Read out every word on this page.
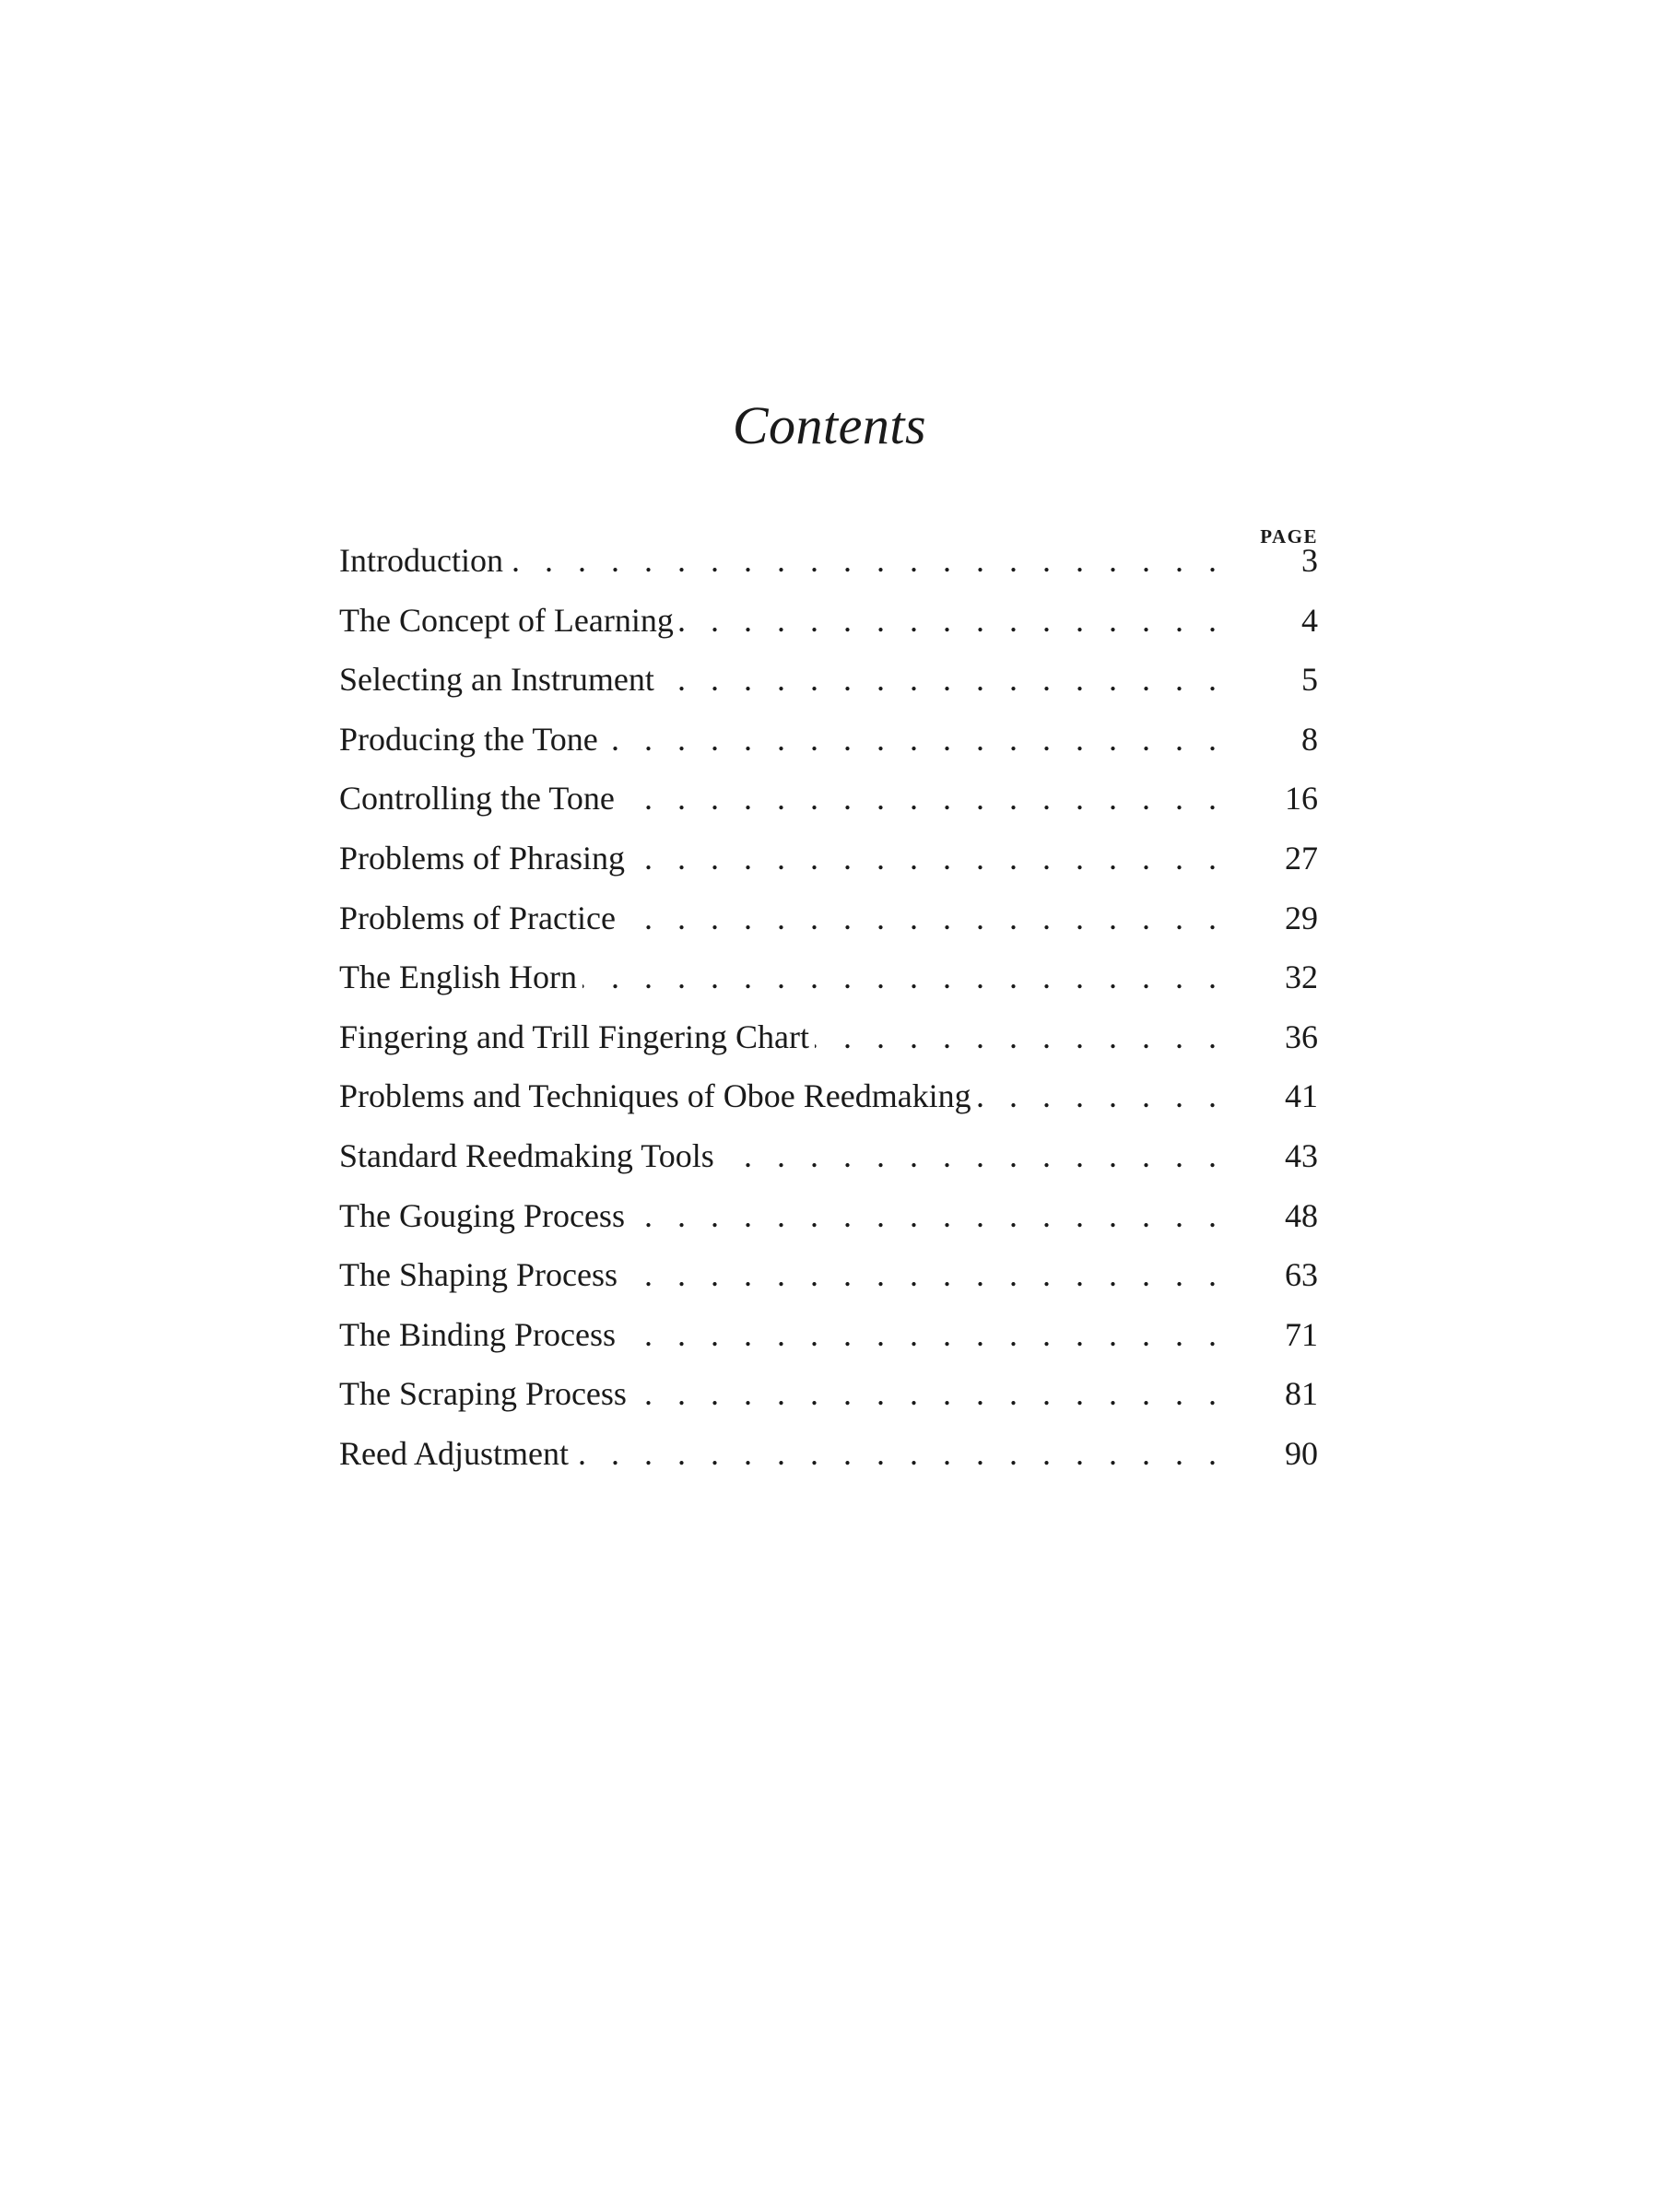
Contents
PAGE
Introduction . . .	3
The Concept of Learning . . .	4
Selecting an Instrument . . .	5
Producing the Tone . . .	8
Controlling the Tone . . .	16
Problems of Phrasing . . .	27
Problems of Practice . . .	29
The English Horn . . .	32
Fingering and Trill Fingering Chart . . .	36
Problems and Techniques of Oboe Reedmaking . . .	41
Standard Reedmaking Tools . . .	43
The Gouging Process . . .	48
The Shaping Process . . .	63
The Binding Process . . .	71
The Scraping Process . . .	81
Reed Adjustment . . .	90
